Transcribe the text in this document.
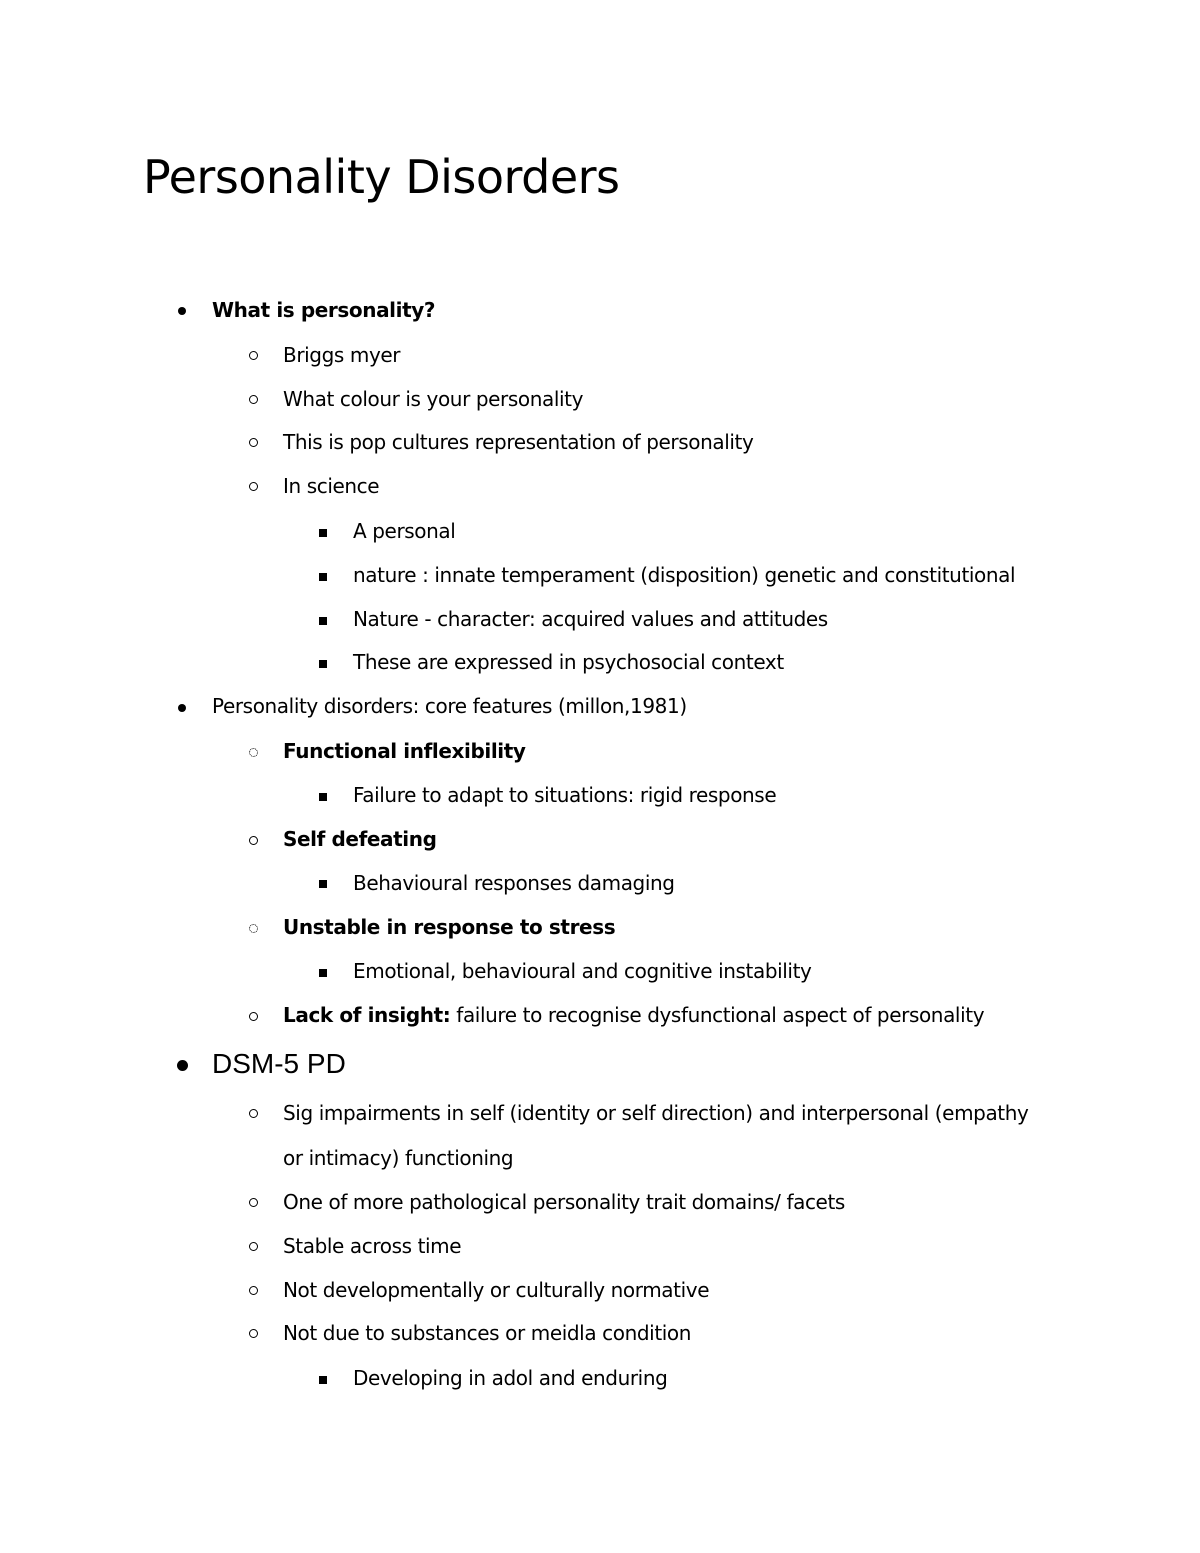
Personality Disorders
What is personality?
Briggs myer
What colour is your personality
This is pop cultures representation of personality
In science
A personal
nature : innate temperament (disposition) genetic and constitutional
Nature - character: acquired values and attitudes
These are expressed in psychosocial context
Personality disorders: core features (millon,1981)
Functional inflexibility
Failure to adapt to situations: rigid response
Self defeating
Behavioural responses damaging
Unstable in response to stress
Emotional, behavioural and cognitive instability
Lack of insight: failure to recognise dysfunctional aspect of personality
DSM-5 PD
Sig impairments in self (identity or self direction) and interpersonal (empathy
or intimacy) functioning
One of more pathological personality trait domains/ facets
Stable across time
Not developmentally or culturally normative
Not due to substances or meidla condition
Developing in adol and enduring
